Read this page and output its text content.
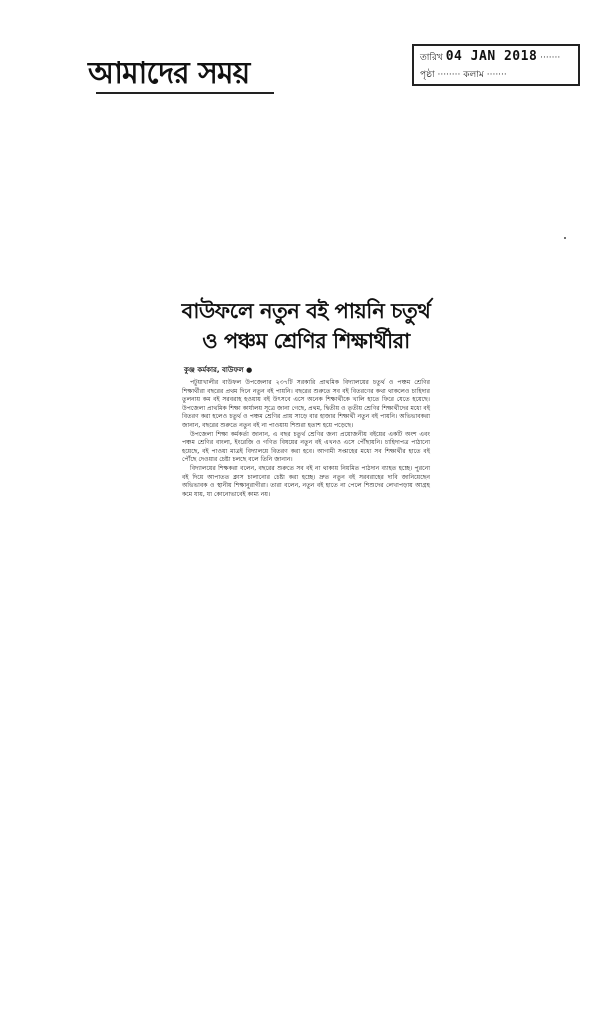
আমাদের সময়	তারিখ 04 JAN 2018 ·······
পৃষ্ঠা ········ কলাম ·······
বাউফলে নতুন বই পায়নি চতুর্থ
ও পঞ্চম শ্রেণির শিক্ষার্থীরা
কুঞ্জ কর্মকার, বাউফল ●

পটুয়াখালীর বাউফল উপজেলার ২৩৭টি সরকারি প্রাথমিক বিদ্যালয়ের চতুর্থ ও পঞ্চম শ্রেণির শিক্ষার্থীরা বছরের প্রথম দিনে নতুন বই পায়নি। বছরের শুরুতে সব বই বিতরণের কথা থাকলেও চাহিদার তুলনায় কম বই সরবরাহ হওয়ায় বই উৎসবে এসে অনেক শিক্ষার্থীকে খালি হাতে ফিরে যেতে হয়েছে। উপজেলা প্রাথমিক শিক্ষা কার্যালয় সূত্রে জানা গেছে, প্রথম, দ্বিতীয় ও তৃতীয় শ্রেণির শিক্ষার্থীদের মধ্যে বই বিতরণ করা হলেও চতুর্থ ও পঞ্চম শ্রেণির প্রায় সাড়ে বার হাজার শিক্ষার্থী নতুন বই পায়নি। অভিভাবকরা জানান, বছরের শুরুতে নতুন বই না পাওয়ায় শিশুরা হতাশ হয়ে পড়েছে।

উপজেলা শিক্ষা কর্মকর্তা জানান, এ বছর চতুর্থ শ্রেণির জন্য প্রয়োজনীয় বইয়ের একটি অংশ এবং পঞ্চম শ্রেণির বাংলা, ইংরেজি ও গণিত বিষয়ের নতুন বই এখনও এসে পৌঁছায়নি। চাহিদাপত্র পাঠানো হয়েছে, বই পাওয়া মাত্রই বিদ্যালয়ে বিতরণ করা হবে। আগামী সপ্তাহের মধ্যে সব শিক্ষার্থীর হাতে বই পৌঁছে দেওয়ার চেষ্টা চলছে বলে তিনি জানান।

বিদ্যালয়ের শিক্ষকরা বলেন, বছরের শুরুতে সব বই না থাকায় নিয়মিত পাঠদান ব্যাহত হচ্ছে। পুরনো বই দিয়ে আপাতত ক্লাস চালানোর চেষ্টা করা হচ্ছে। দ্রুত নতুন বই সরবরাহের দাবি জানিয়েছেন অভিভাবক ও স্থানীয় শিক্ষানুরাগীরা। তারা বলেন, নতুন বই হাতে না পেলে শিশুদের লেখাপড়ায় আগ্রহ কমে যায়, যা কোনোভাবেই কাম্য নয়।
